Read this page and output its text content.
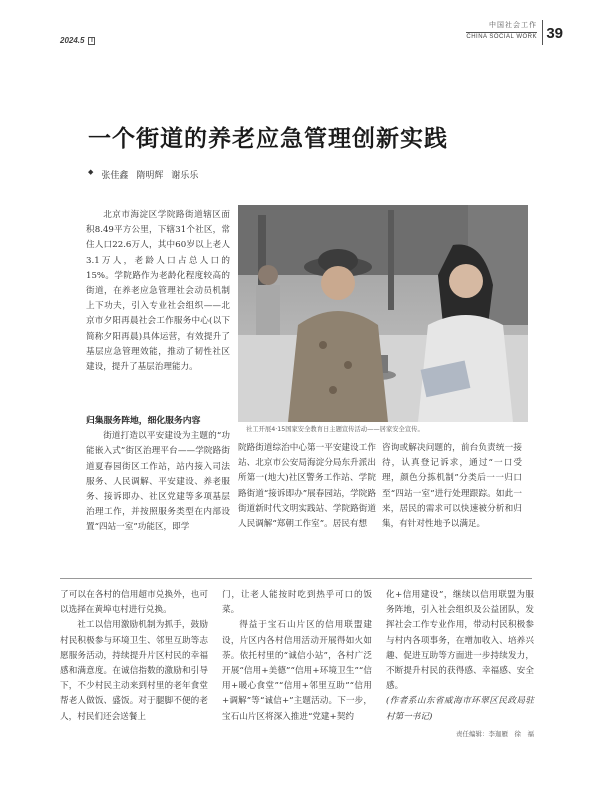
2024.5	I
中国社会工作
CHINA SOCIAL WORK 39
一个街道的养老应急管理创新实践
◆ 张佳鑫 隋明辉 谢乐乐

北京市海淀区学院路街道辖区面积8.49平方公里，下辖31个社区，常住人口22.6万人，其中60岁以上老人3.1万人，老龄人口占总人口的15%。学院路作为老龄化程度较高的街道，在养老应急管理社会动员机制上下功夫，引入专业社会组织——北京市夕阳再晨社会工作服务中心(以下简称夕阳再晨)具体运营，有效提升了基层应急管理效能，推动了韧性社区建设，提升了基层治理能力。

归集服务阵地，细化服务内容

街道打造以平安建设为主题的“功能嵌入式”街区治理平台——学院路街道夏春园街区工作站，站内接入司法服务、人民调解、平安建设、养老服务、接诉即办、社区党建等多项基层治理工作，并按照服务类型在内部设置“四站一室”功能区，即学

社工开展4·15国家安全教育日主题宣传活动——居家安全宣传。

院路街道综治中心第一平安建设工作站、北京市公安局海淀分局东升派出所第一(地大)社区警务工作站、学院路街道“接诉即办”展春园站，学院路街道新时代文明实践站、学院路街道人民调解“郑朝工作室”。居民有想

咨询或解决问题的，前台负责统一接待，认真登记诉求，通过“一口受理，颜色分拣机制”分类后一一归口至“四站一室”进行处理跟踪。如此一来，居民的需求可以快速被分析和归集，有针对性地予以满足。

了可以在各村的信用超市兑换外，也可以选择在黄埠屯村进行兑换。

社工以信用激励机制为抓手，鼓励村民积极参与环境卫生、邻里互助等志愿服务活动，持续提升片区村民的幸福感和满意度。在诚信指数的激励和引导下，不少村民主动来到村里的老年食堂帮老人做饭、盛饭。对于腿脚不便的老人，村民们还会送餐上

门，让老人能按时吃到热乎可口的饭菜。

得益于宝石山片区的信用联盟建设，片区内各村信用活动开展得如火如荼。依托村里的“诚信小站”，各村广泛开展“信用+美德”“信用+环境卫生”“信用+暖心食堂”“信用+邻里互助”“信用+调解”等“诚信+”主题活动。下一步，宝石山片区将深入推进“党建+契约

化+信用建设”，继续以信用联盟为服务阵地，引入社会组织及公益团队，发挥社会工作专业作用，带动村民积极参与村内各项事务，在增加收入、培养兴趣、促进互助等方面进一步持续发力，不断提升村民的获得感、幸福感、安全感。

(作者系山东省威海市环翠区民政局驻村第一书记)

责任编辑：李迦雁　徐　福
